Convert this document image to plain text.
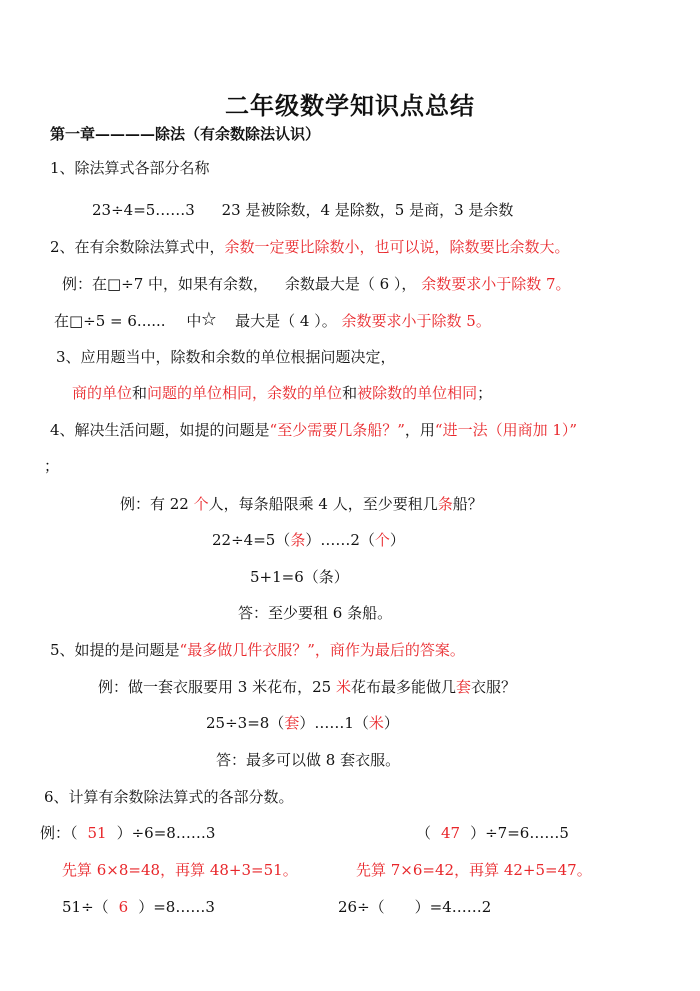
二年级数学知识点总结
第一章————除法（有余数除法认识）
1、除法算式各部分名称
23÷4=5……3 23 是被除数，4 是除数，5 是商，3 是余数
2、在有余数除法算式中，余数一定要比除数小，也可以说，除数要比余数大。
例：在□÷7 中，如果有余数， 余数最大是（ 6 ）， 余数要求小于除数 7。
在□÷5 = 6...... 中☆ 最大是（ 4 ）。 余数要求小于除数 5。
3、应用题当中，除数和余数的单位根据问题决定，
商的单位和问题的单位相同，余数的单位和被除数的单位相同；
4、解决生活问题，如提的问题是“至少需要几条船？”，用“进一法（用商加 1）”
；
例：有 22 个人，每条船限乘 4 人，至少要租几条船？
22÷4=5（条）……2（个）
5+1=6（条）
答：至少要租 6 条船。
5、如提的是问题是“最多做几件衣服？”，商作为最后的答案。
例：做一套衣服要用 3 米花布，25 米花布最多能做几套衣服？
25÷3=8（套）……1（米）
答：最多可以做 8 套衣服。
6、计算有余数除法算式的各部分数。
例：（ 51 ）÷6=8……3	（ 47 ）÷7=6……5
先算 6×8=48，再算 48+3=51。	先算 7×6=42，再算 42+5=47。
51÷（ 6 ）=8……3	26÷（　　）=4……2
